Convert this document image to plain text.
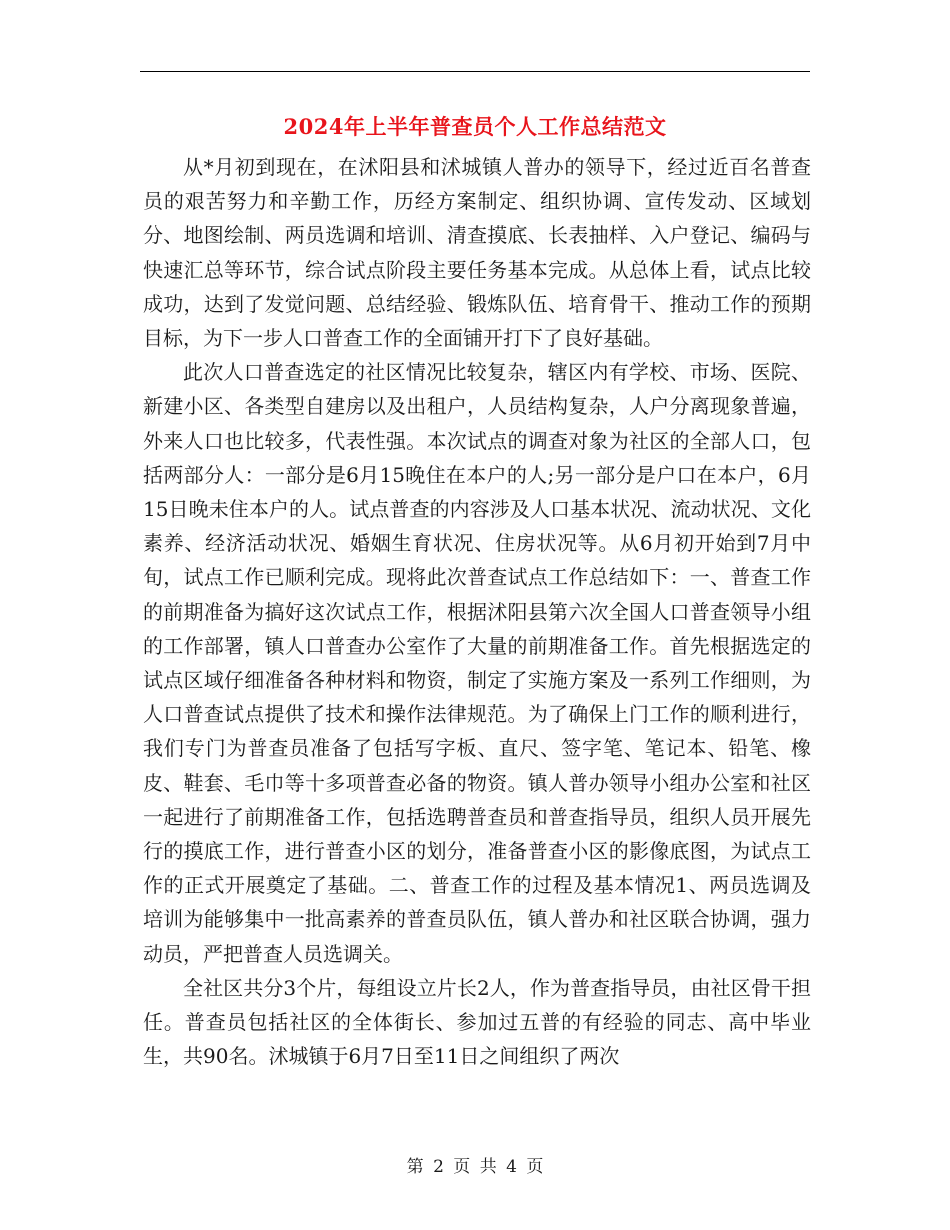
2024年上半年普查员个人工作总结范文

从*月初到现在，在沭阳县和沭城镇人普办的领导下，经过近百名普查员的艰苦努力和辛勤工作，历经方案制定、组织协调、宣传发动、区域划分、地图绘制、两员选调和培训、清查摸底、长表抽样、入户登记、编码与快速汇总等环节，综合试点阶段主要任务基本完成。从总体上看，试点比较成功，达到了发觉问题、总结经验、锻炼队伍、培育骨干、推动工作的预期目标，为下一步人口普查工作的全面铺开打下了良好基础。

此次人口普查选定的社区情况比较复杂，辖区内有学校、市场、医院、新建小区、各类型自建房以及出租户，人员结构复杂，人户分离现象普遍，外来人口也比较多，代表性强。本次试点的调查对象为社区的全部人口，包括两部分人：一部分是6月15晚住在本户的人;另一部分是户口在本户，6月15日晚未住本户的人。试点普查的内容涉及人口基本状况、流动状况、文化素养、经济活动状况、婚姻生育状况、住房状况等。从6月初开始到7月中旬，试点工作已顺利完成。现将此次普查试点工作总结如下：一、普查工作的前期准备为搞好这次试点工作，根据沭阳县第六次全国人口普查领导小组的工作部署，镇人口普查办公室作了大量的前期准备工作。首先根据选定的试点区域仔细准备各种材料和物资，制定了实施方案及一系列工作细则，为人口普查试点提供了技术和操作法律规范。为了确保上门工作的顺利进行，我们专门为普查员准备了包括写字板、直尺、签字笔、笔记本、铅笔、橡皮、鞋套、毛巾等十多项普查必备的物资。镇人普办领导小组办公室和社区一起进行了前期准备工作，包括选聘普查员和普查指导员，组织人员开展先行的摸底工作，进行普查小区的划分，准备普查小区的影像底图，为试点工作的正式开展奠定了基础。二、普查工作的过程及基本情况1、两员选调及培训为能够集中一批高素养的普查员队伍，镇人普办和社区联合协调，强力动员，严把普查人员选调关。

全社区共分3个片，每组设立片长2人，作为普查指导员，由社区骨干担任。普查员包括社区的全体街长、参加过五普的有经验的同志、高中毕业生，共90名。沭城镇于6月7日至11日之间组织了两次

第 2 页 共 4 页
